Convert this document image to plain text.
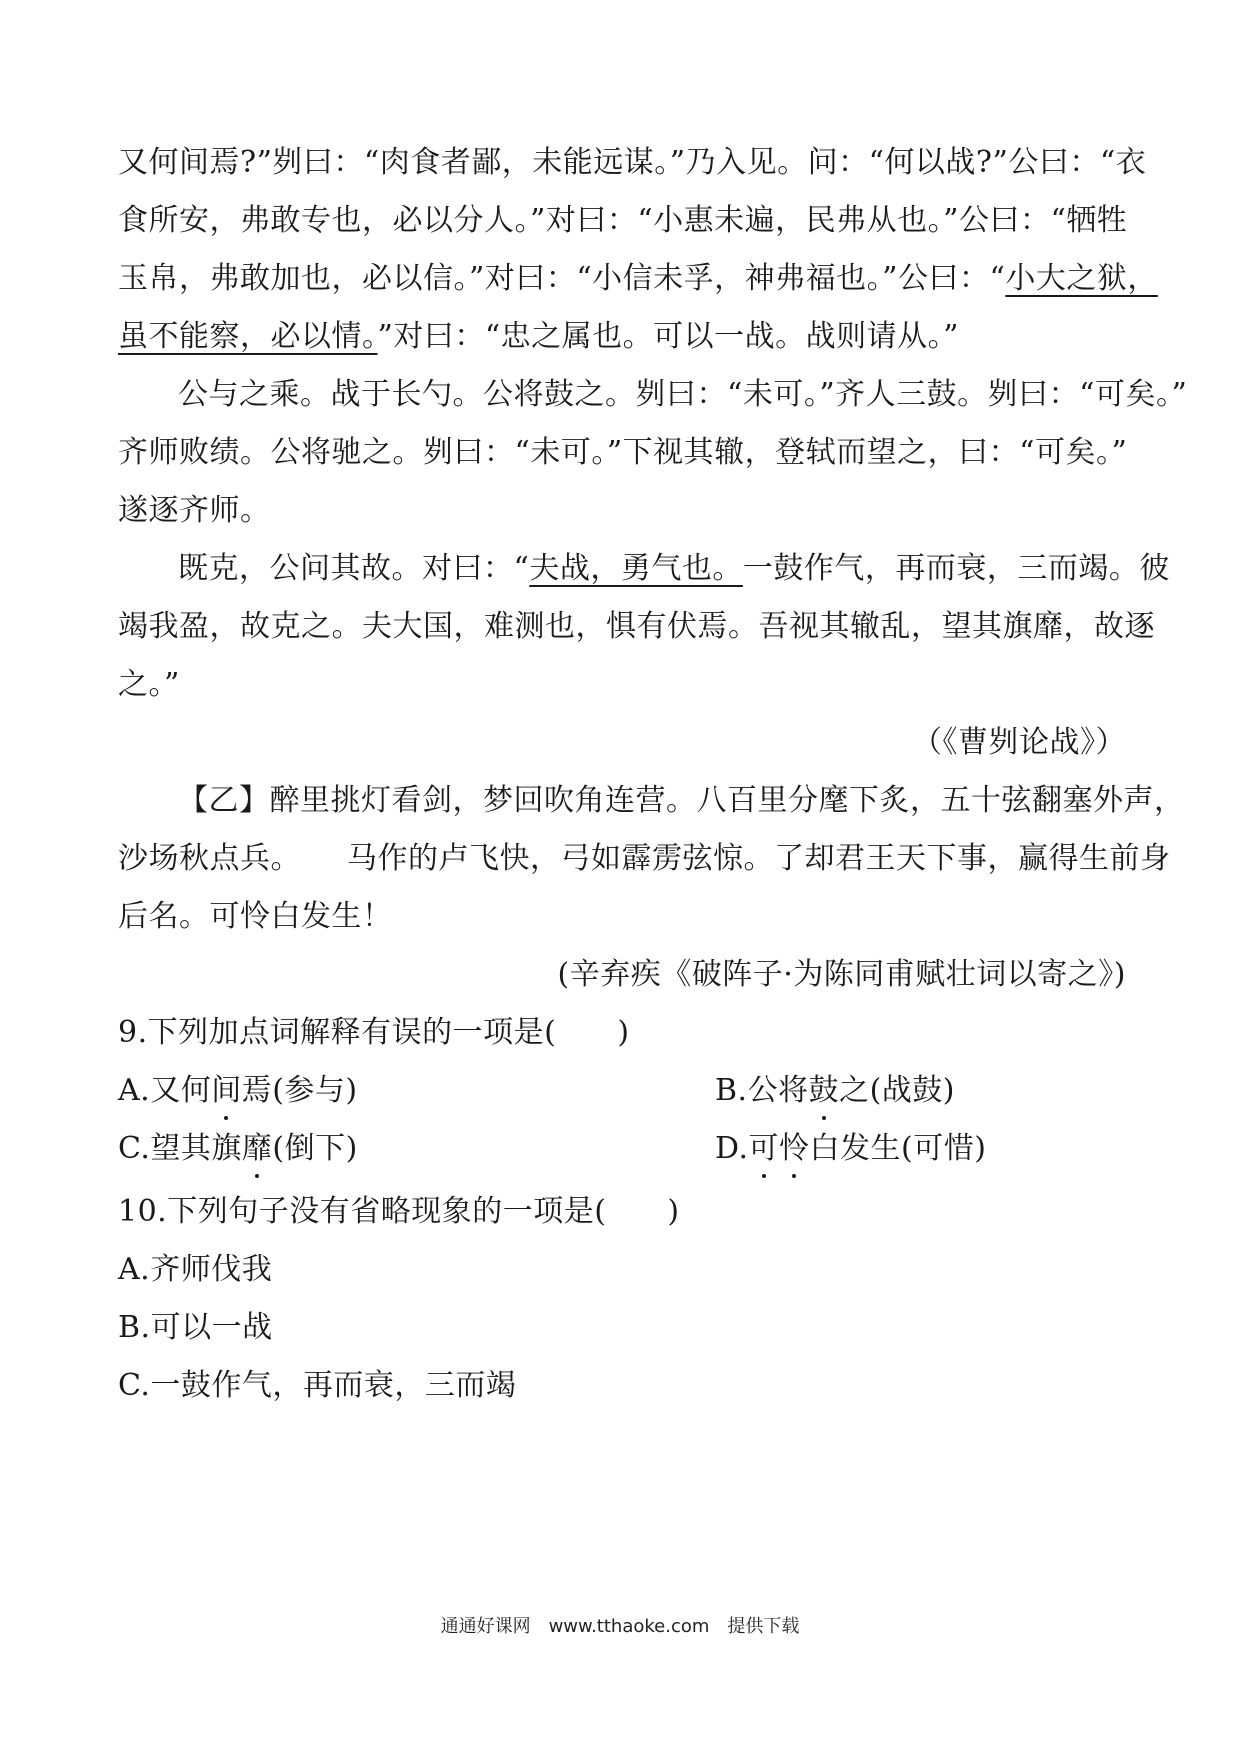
又何间焉?”刿曰：“肉食者鄙，未能远谋。”乃入见。问：“何以战?”公曰：“衣
食所安，弗敢专也，必以分人。”对曰：“小惠未遍，民弗从也。”公曰：“牺牲
玉帛，弗敢加也，必以信。”对曰：“小信未孚，神弗福也。”公曰：“小大之狱，
虽不能察，必以情。”对曰：“忠之属也。可以一战。战则请从。”
公与之乘。战于长勺。公将鼓之。刿曰：“未可。”齐人三鼓。刿曰：“可矣。”
齐师败绩。公将驰之。刿曰：“未可。”下视其辙，登轼而望之，曰：“可矣。”
遂逐齐师。
既克，公问其故。对曰：“夫战，勇气也。一鼓作气，再而衰，三而竭。彼
竭我盈，故克之。夫大国，难测也，惧有伏焉。吾视其辙乱，望其旗靡，故逐
之。”
（《曹刿论战》）
【乙】醉里挑灯看剑，梦回吹角连营。八百里分麾下炙，五十弦翻塞外声，
沙场秋点兵。　　马作的卢飞快，弓如霹雳弦惊。了却君王天下事，赢得生前身
后名。可怜白发生！
(辛弃疾《破阵子·为陈同甫赋壮词以寄之》)
9.下列加点词解释有误的一项是(　　)
A.又何间焉(参与)	B.公将鼓之(战鼓)
C.望其旗靡(倒下)	D.可怜白发生(可惜)
10.下列句子没有省略现象的一项是(　　)
A.齐师伐我
B.可以一战
C.一鼓作气，再而衰，三而竭
通通好课网　www.tthaoke.com　提供下载
